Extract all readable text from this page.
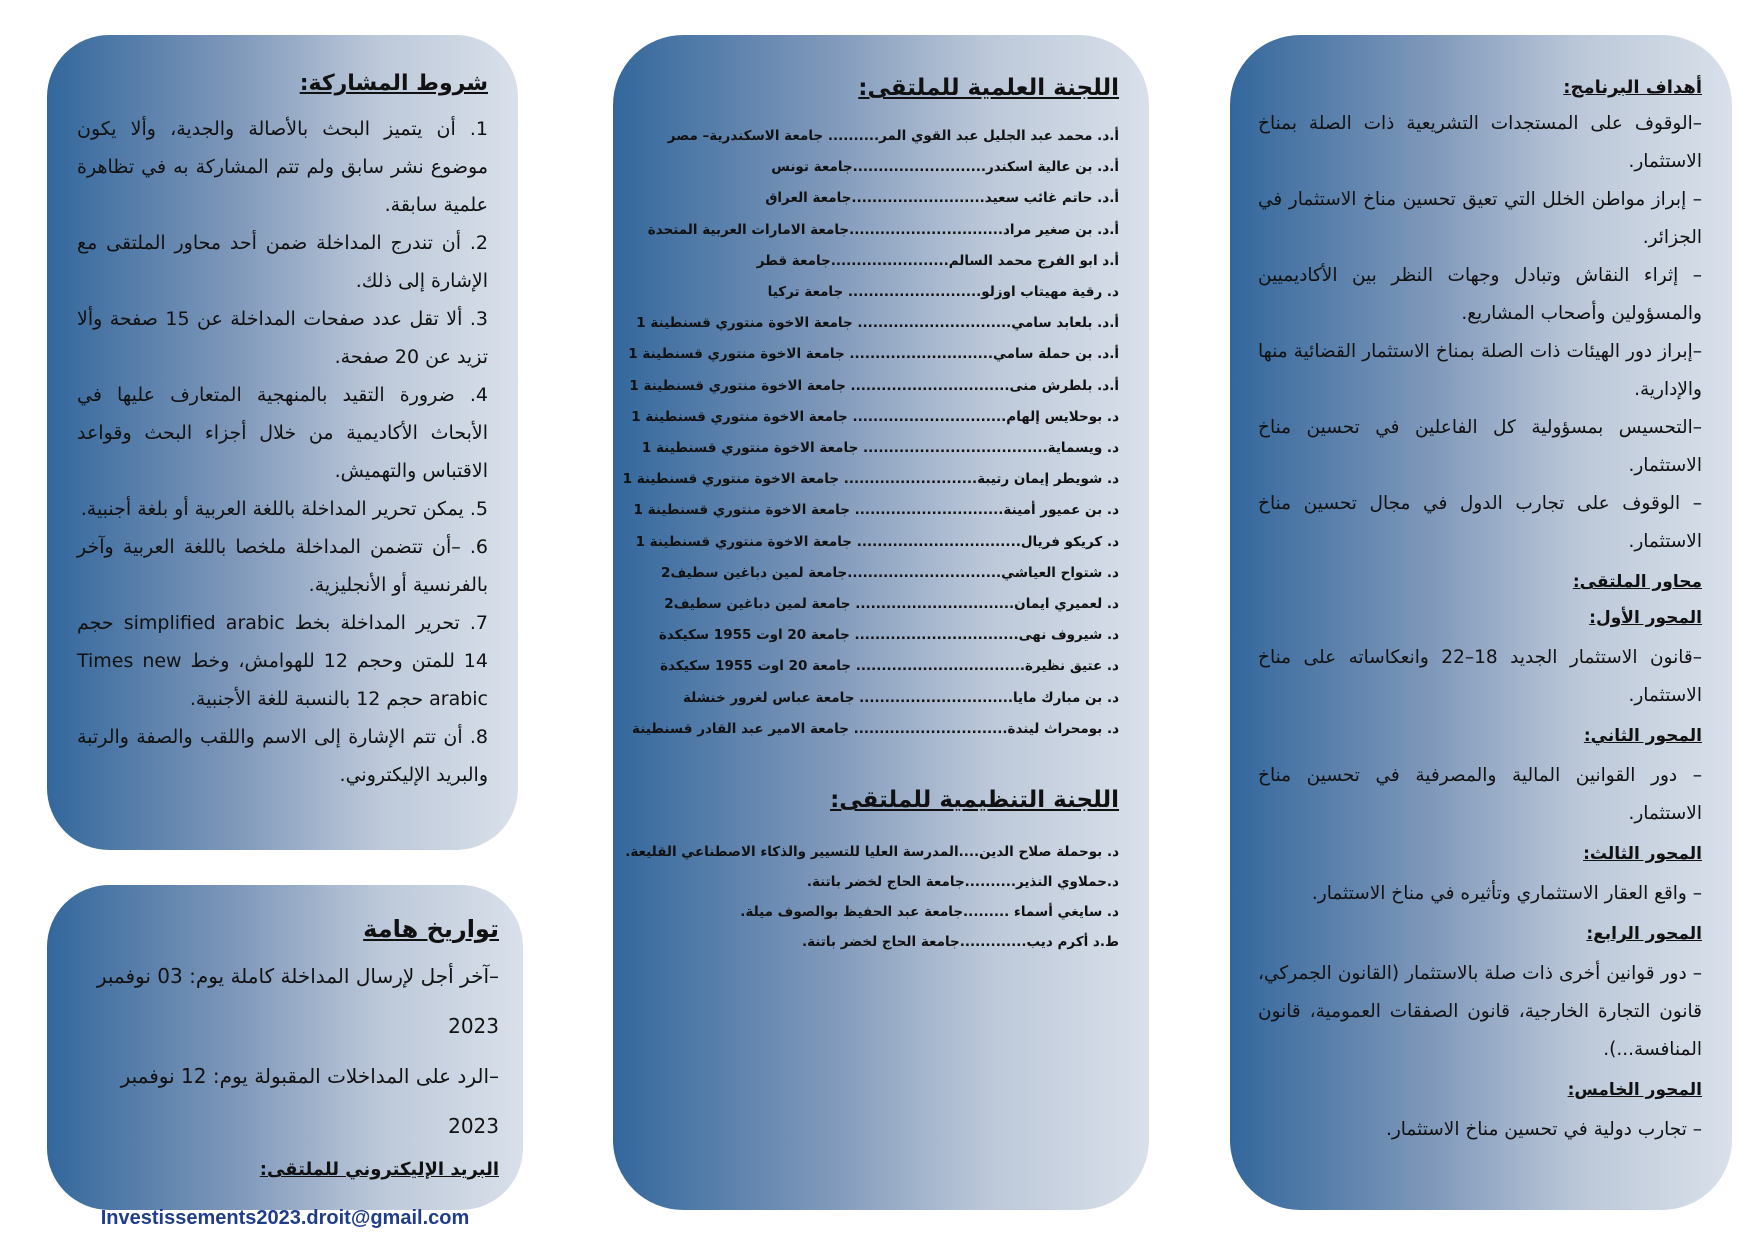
شروط المشاركة:

1. أن يتميز البحث بالأصالة والجدية، وألا يكون موضوع نشر سابق ولم تتم المشاركة به في تظاهرة علمية سابقة.

2. أن تندرج المداخلة ضمن أحد محاور الملتقى مع الإشارة إلى ذلك.

3. ألا تقل عدد صفحات المداخلة عن 15 صفحة وألا تزيد عن 20 صفحة.

4. ضرورة التقيد بالمنهجية المتعارف عليها في الأبحاث الأكاديمية من خلال أجزاء البحث وقواعد الاقتباس والتهميش.

5. يمكن تحرير المداخلة باللغة العربية أو بلغة أجنبية.

6. –أن تتضمن المداخلة ملخصا باللغة العربية وآخر بالفرنسية أو الأنجليزية.

7. تحرير المداخلة بخط simplified arabic حجم 14 للمتن وحجم 12 للهوامش، وخط Times new arabic حجم 12 بالنسبة للغة الأجنبية.

8. أن تتم الإشارة إلى الاسم واللقب والصفة والرتبة والبريد الإليكتروني.

تواريخ هامة

–آخر أجل لإرسال المداخلة كاملة يوم: 03 نوفمبر 2023

–الرد على المداخلات المقبولة يوم: 12 نوفمبر 2023

البريد الإليكتروني للملتقى:
Investissements2023.droit@gmail.com
اللجنة العلمية للملتقى:
أ.د. محمد عبد الجليل عبد القوي المر.......... جامعة الاسكندرية– مصر
أ.د. بن عالية اسكندر..........................جامعة تونس
أ.د. حاتم غائب سعيد..........................جامعة العراق
أ.د. بن صغير مراد..............................جامعة الامارات العربية المتحدة
أ.د ابو الفرج محمد السالم.......................جامعة قطر
د. رقية مهيتاب اوزلو.......................... جامعة تركيا
أ.د. بلعابد سامي.............................. جامعة الاخوة منتوري قسنطينة 1
أ.د. بن حملة سامي............................ جامعة الاخوة منتوري قسنطينة 1
أ.د. بلطرش منى............................... جامعة الاخوة منتوري قسنطينة 1
د. بوحلايس إلهام.............................. جامعة الاخوة منتوري قسنطينة 1
د. ويسماية.................................... جامعة الاخوة منتوري قسنطينة 1
د. شويطر إيمان رتيبة.......................... جامعة الاخوة منتوري قسنطينة 1
د. بن عميور أمينة............................. جامعة الاخوة منتوري قسنطينة 1
د. كريكو فريال................................ جامعة الاخوة منتوري قسنطينة 1
د. شتواح العياشي..............................جامعة لمين دباغين سطيف2
د. لعميري ايمان............................... جامعة لمين دباغين سطيف2
د. شيروف نهى................................ جامعة 20 اوت 1955 سكيكدة
د. عتيق نظيرة................................. جامعة 20 اوت 1955 سكيكدة
د. بن مبارك مايا.............................. جامعة عباس لغرور خنشلة
د. بومحراث ليندة.............................. جامعة الامير عبد القادر قسنطينة
اللجنة التنظيمية للملتقى:
د. بوحملة صلاح الدين....المدرسة العليا للتسيير والذكاء الاصطناعي القليعة.
د.حملاوي النذير..........جامعة الحاج لخضر باتنة.
د. سايغي أسماء .........جامعة عبد الحفيظ بوالصوف ميلة.
ط.د أكرم ديب.............جامعة الحاج لخضر باتنة.
أهداف البرنامج:

–الوقوف على المستجدات التشريعية ذات الصلة بمناخ الاستثمار.

– إبراز مواطن الخلل التي تعيق تحسين مناخ الاستثمار في الجزائر.

– إثراء النقاش وتبادل وجهات النظر بين الأكاديميين والمسؤولين وأصحاب المشاريع.

–إبراز دور الهيئات ذات الصلة بمناخ الاستثمار القضائية منها والإدارية.

–التحسيس بمسؤولية كل الفاعلين في تحسين مناخ الاستثمار.

– الوقوف على تجارب الدول في مجال تحسين مناخ الاستثمار.

محاور الملتقى:
المحور الأول:

–قانون الاستثمار الجديد 18–22 وانعكاساته على مناخ الاستثمار.

المحور الثاني:

– دور القوانين المالية والمصرفية في تحسين مناخ الاستثمار.

المحور الثالث:

– واقع العقار الاستثماري وتأثيره في مناخ الاستثمار.

المحور الرابع:

– دور قوانين أخرى ذات صلة بالاستثمار (القانون الجمركي، قانون التجارة الخارجية، قانون الصفقات العمومية، قانون المنافسة...).

المحور الخامس:

– تجارب دولية في تحسين مناخ الاستثمار.
